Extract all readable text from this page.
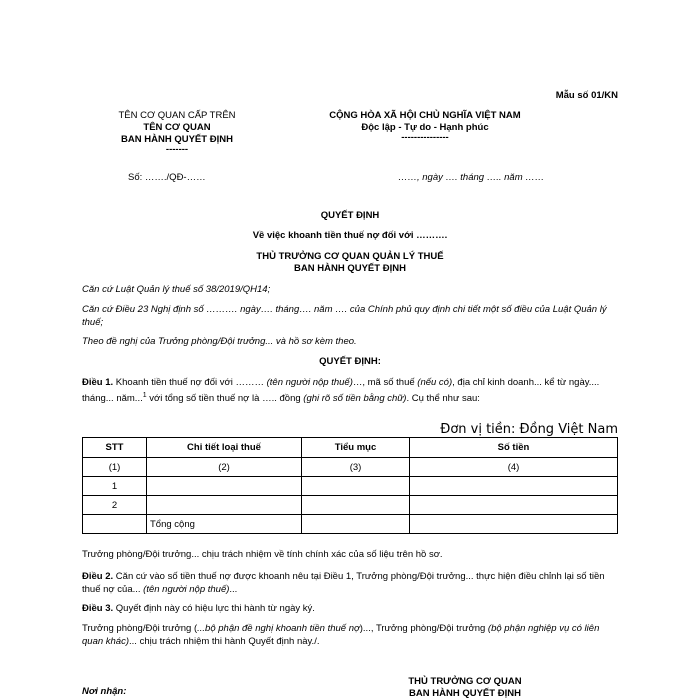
Mẫu số 01/KN
TÊN CƠ QUAN CẤP TRÊN
TÊN CƠ QUAN
BAN HÀNH QUYẾT ĐỊNH
-------
Số: ……./QĐ-……
CỘNG HÒA XÃ HỘI CHỦ NGHĨA VIỆT NAM
Độc lập - Tự do - Hạnh phúc
---------------
……, ngày …. tháng ….. năm ……
QUYẾT ĐỊNH
Về việc khoanh tiền thuế nợ đối với ……….
THỦ TRƯỞNG CƠ QUAN QUẢN LÝ THUẾ
BAN HÀNH QUYẾT ĐỊNH
Căn cứ Luật Quản lý thuế số 38/2019/QH14;
Căn cứ Điều 23 Nghị định số ………. ngày…. tháng…. năm …. của Chính phủ quy định chi tiết một số điều của Luật Quản lý thuế;
Theo đề nghị của Trưởng phòng/Đội trưởng... và hồ sơ kèm theo.
QUYẾT ĐỊNH:
Điều 1. Khoanh tiền thuế nợ đối với ……… (tên người nộp thuế)…, mã số thuế (nếu có), địa chỉ kinh doanh... kể từ ngày.... tháng... năm...$^1$ với tổng số tiền thuế nợ là ….. đồng (ghi rõ số tiền bằng chữ). Cụ thể như sau:
Đơn vị tiền: Đồng Việt Nam
STT	Chi tiết loại thuế	Tiểu mục	Số tiền
(1)	(2)	(3)	(4)
1			
2			
	Tổng cộng		
Trưởng phòng/Đội trưởng... chịu trách nhiệm về tính chính xác của số liệu trên hồ sơ.
Điều 2. Căn cứ vào số tiền thuế nợ được khoanh nêu tại Điều 1, Trưởng phòng/Đội trưởng... thực hiện điều chỉnh lại số tiền thuế nợ của... (tên người nộp thuế)...
Điều 3. Quyết định này có hiệu lực thi hành từ ngày ký.
Trưởng phòng/Đội trưởng (...bộ phận đề nghị khoanh tiền thuế nợ)..., Trưởng phòng/Đội trưởng (bộ phận nghiệp vụ có liên quan khác)... chịu trách nhiệm thi hành Quyết định này./.
THỦ TRƯỞNG CƠ QUAN
BAN HÀNH QUYẾT ĐỊNH
Nơi nhận:
